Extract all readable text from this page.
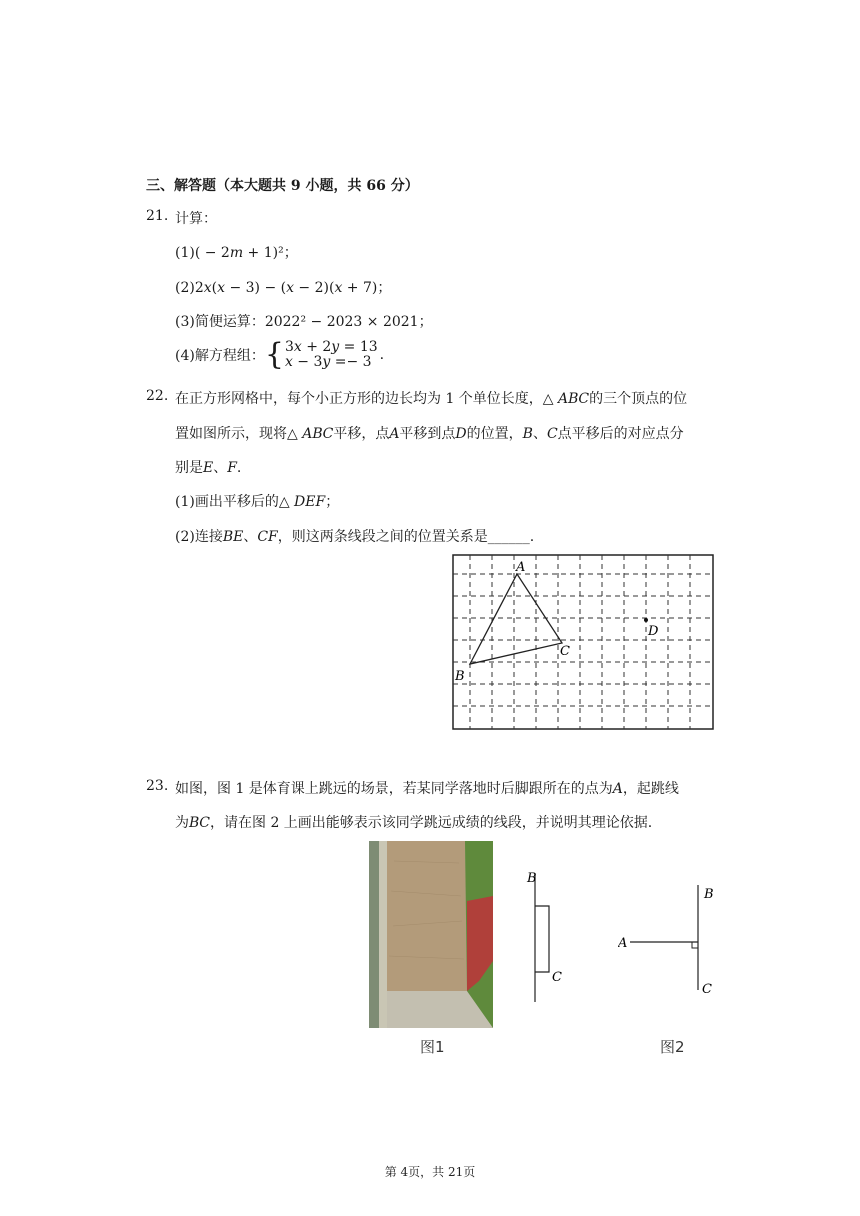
三、解答题（本大题共 9 小题，共 66 分）
21. 计算：
(1)( − 2𝑚 + 1)²；
(2)2𝑥(𝑥 − 3) − (𝑥 − 2)(𝑥 + 7)；
(3)简便运算：2022² − 2023 × 2021；
(4)解方程组：{ 3𝑥 + 2𝑦 = 13
𝑥 − 3𝑦 =− 3 .
22. 在正方形网格中，每个小正方形的边长均为 1 个单位长度，△ 𝐴𝐵𝐶的三个顶点的位
置如图所示，现将△ 𝐴𝐵𝐶平移，点𝐴平移到点𝐷的位置，𝐵、𝐶点平移后的对应点分
别是𝐸、𝐹.
(1)画出平移后的△ 𝐷𝐸𝐹；
(2)连接𝐵𝐸、𝐶𝐹，则这两条线段之间的位置关系是______.
A
B
C
D
23. 如图，图 1 是体育课上跳远的场景，若某同学落地时后脚跟所在的点为𝐴，起跳线
为𝐵𝐶，请在图 2 上画出能够表示该同学跳远成绩的线段，并说明其理论依据.
B
C
A
B
C
图1	图2
第 4页，共 21页
